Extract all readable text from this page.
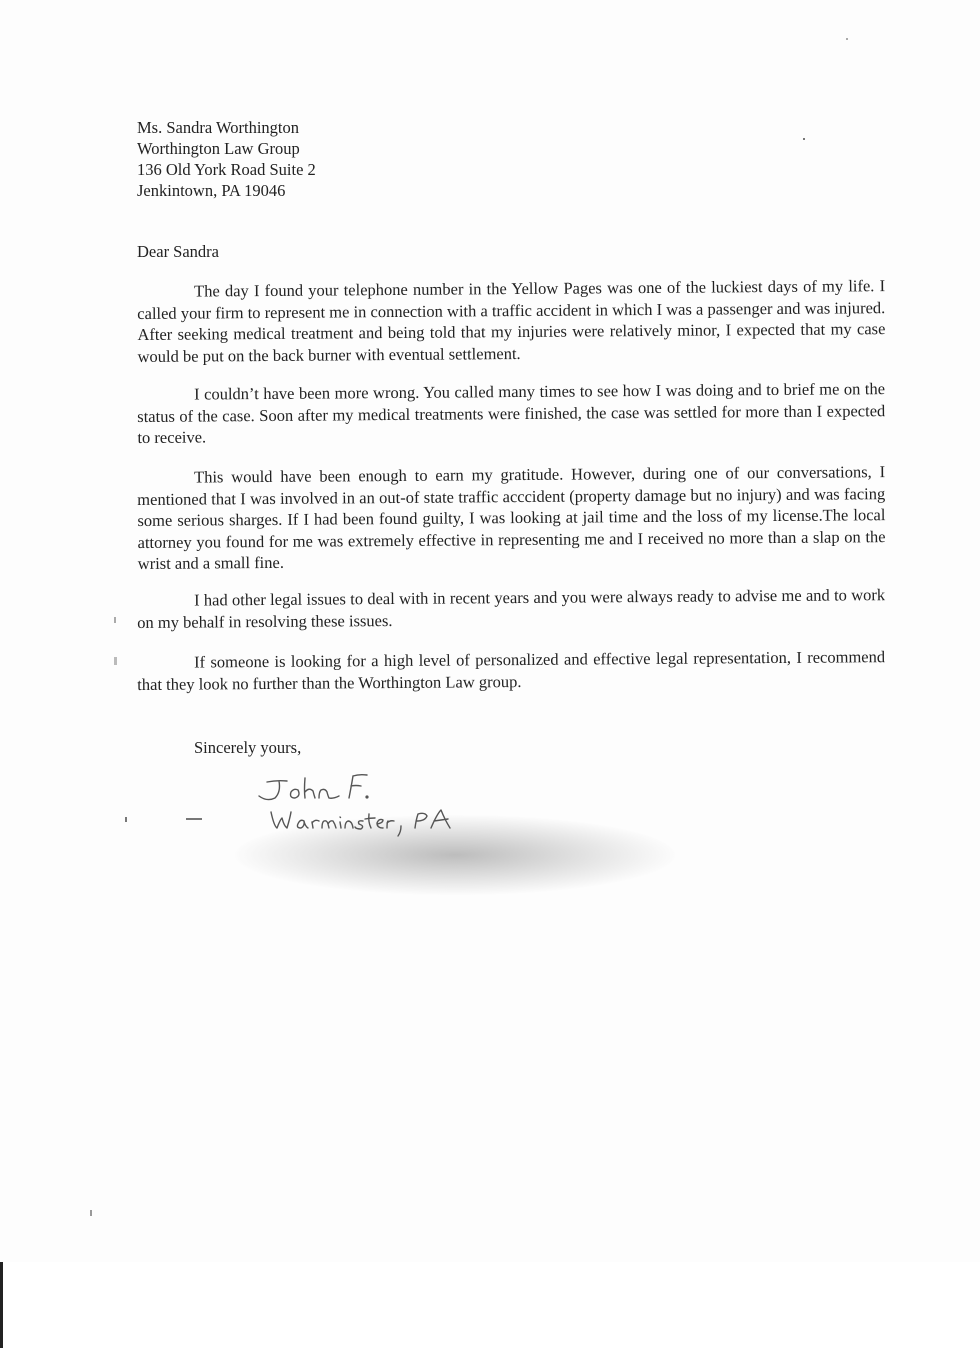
Ms. Sandra Worthington
Worthington Law Group
136 Old York Road Suite 2
Jenkintown, PA 19046
Dear Sandra

The day I found your telephone number in the Yellow Pages was one of the luckiest days of my life. I called your firm to represent me in connection with a traffic accident in which I was a passenger and was injured. After seeking medical treatment and being told that my injuries were relatively minor, I expected that my case would be put on the back burner with eventual settlement.

I couldn’t have been more wrong. You called many times to see how I was doing and to brief me on the status of the case. Soon after my medical treatments were finished, the case was settled for more than I expected to receive.

This would have been enough to earn my gratitude. However, during one of our conversations, I mentioned that I was involved in an out-of state traffic acccident (property damage but no injury) and was facing some serious sharges. If I had been found guilty, I was looking at jail time and the loss of my license.The local attorney you found for me was extremely effective in representing me and I received no more than a slap on the wrist and a small fine.

I had other legal issues to deal with in recent years and you were always ready to advise me and to work on my behalf in resolving these issues.

If someone is looking for a high level of personalized and effective legal representation, I recommend that they look no further than the Worthington Law group.

Sincerely yours,
